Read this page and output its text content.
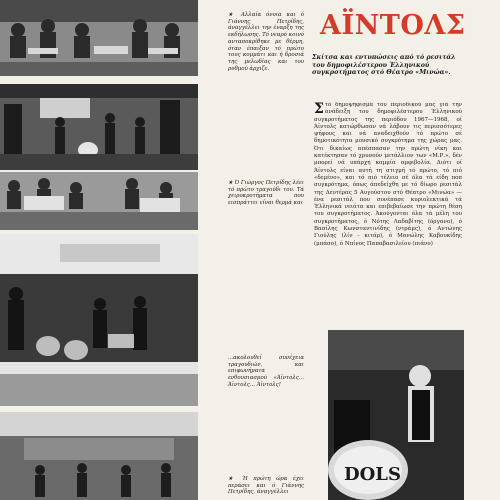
★ Αλλαία όνοια και ό Γιάννης Πετρίδης, άναγγέλλει την έναρξη της εκδήλωσης. Τό νεαρό κοινό ανταποκρίθηκε με θέρμη, όταν έπαιξαν τό πρώτο τους κομμάτι και ή δροσιά της μελωδίας και του ρυθμού άρχιζε.
★ Ό Γιώργος Πετρίδης λέει τό πρώτο τραγούδι του. Τά χειροκροτήματα που εισπράττει είναι θερμά και
...ακολουθεί συνέχεια τραγουδιών, και επιφωνήματα ενθουσιασμού «Άϊντολς... Άϊντολς... Άϊντολς!
★ Ή πρώτη ώρα έχει περάσει και ό Γιάννης Πετρίδης, άναγγέλλει
ΑΪΝΤΟΛΣ
Σκίτσα και εντυπώσεις από τό ρεσιτάλ του δημοφιλέστερου Έλληνικού συγκροτήματος στό Θέατρο «Μινώα».
Σ τό δημοψήφισμα του περιοδικού μας γιά την ανάδειξη του δημοφιλέστερου Έλληνικού συγκροτήματος της περιόδου 1967—1968, οί Άϊντολς κατώρθωσαν νά λάβουν τις περισσότερες ψήφους και νά αναδειχθούν τό πρώτο σέ δημοτικότητα μουσικό συγκρότημα της χώρας μας. Ότι δικαίως απέσπασαν την πρώτη νίκη και κατέκτησαν τό χρυσούν μετάλλιον των «Μ.Ρ.», δέν μπορεί νά υπάρχη καμμία αμφιβολία. Διότι οί Άϊντολς είναι αυτή τη στιγμή τό πρώτο, τό πιό «δεμένο», και τό πιό τέλειο σέ όλα τά είδη ποπ συγκρότημα, όπως άπεδείχθη με τό δίωρο ρεσιτάλ της Δευτέρας 5 Αυγούστου στό Θέατρο «Μινώα» — ένα ρεσιτάλ που συνέπασε κυριολεκτικά τά Έλληνικά νειάτα και επιβεβαίωσε την πρώτη θέση του συγκροτήματος. Άκούγονται όλα τά μέλη του συγκροτήματος, ό Νότης Λαδαβίτης (όργανο), ό Βασίλης Κωνσταντινίδης (ντράμς), ό Αντώνης Γιούλης (λίν - κιτάρ), ό Μανώλης Καβουκίδης (μπάσο), ό Νπίνος Παπαβασιλείου (πιάνο)

DOLS
